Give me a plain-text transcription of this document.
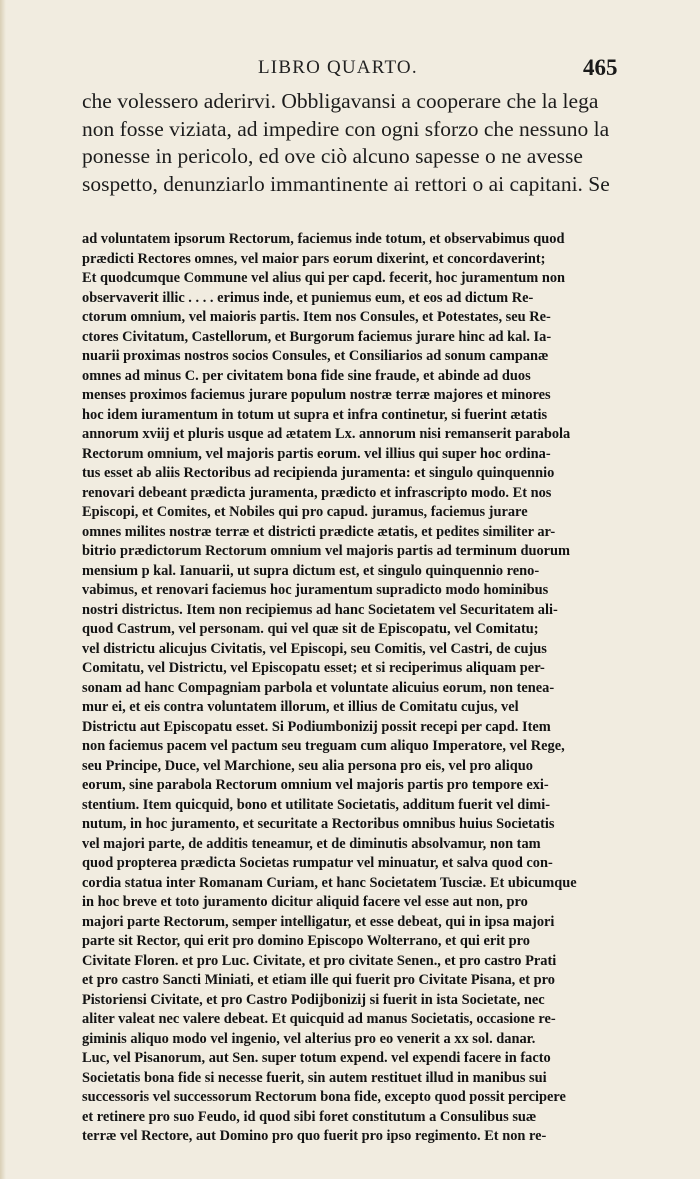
LIBRO QUARTO.	465
che volessero aderirvi. Obbligavansi a cooperare che la lega
non fosse viziata, ad impedire con ogni sforzo che nessuno la
ponesse in pericolo, ed ove ciò alcuno sapesse o ne avesse
sospetto, denunziarlo immantinente ai rettori o ai capitani. Se
ad voluntatem ipsorum Rectorum, faciemus inde totum, et observabimus quod
prædicti Rectores omnes, vel maior pars eorum dixerint, et concordaverint;
Et quodcumque Commune vel alius qui per capd. fecerit, hoc juramentum non
observaverit illic . . . . erimus inde, et puniemus eum, et eos ad dictum Re-
ctorum omnium, vel maioris partis. Item nos Consules, et Potestates, seu Re-
ctores Civitatum, Castellorum, et Burgorum faciemus jurare hinc ad kal. Ia-
nuarii proximas nostros socios Consules, et Consiliarios ad sonum campanæ
omnes ad minus C. per civitatem bona fide sine fraude, et abinde ad duos
menses proximos faciemus jurare populum nostræ terræ majores et minores
hoc idem iuramentum in totum ut supra et infra continetur, si fuerint ætatis
annorum xviij et pluris usque ad ætatem Lx. annorum nisi remanserit parabola
Rectorum omnium, vel majoris partis eorum. vel illius qui super hoc ordina-
tus esset ab aliis Rectoribus ad recipienda juramenta: et singulo quinquennio
renovari debeant prædicta juramenta, prædicto et infrascripto modo. Et nos
Episcopi, et Comites, et Nobiles qui pro capud. juramus, faciemus jurare
omnes milites nostræ terræ et districti prædicte ætatis, et pedites similiter ar-
bitrio prædictorum Rectorum omnium vel majoris partis ad terminum duorum
mensium p kal. Ianuarii, ut supra dictum est, et singulo quinquennio reno-
vabimus, et renovari faciemus hoc juramentum supradicto modo hominibus
nostri districtus. Item non recipiemus ad hanc Societatem vel Securitatem ali-
quod Castrum, vel personam. qui vel quæ sit de Episcopatu, vel Comitatu;
vel districtu alicujus Civitatis, vel Episcopi, seu Comitis, vel Castri, de cujus
Comitatu, vel Districtu, vel Episcopatu esset; et si reciperimus aliquam per-
sonam ad hanc Compagniam parbola et voluntate alicuius eorum, non tenea-
mur ei, et eis contra voluntatem illorum, et illius de Comitatu cujus, vel
Districtu aut Episcopatu esset. Si Podiumbonizij possit recepi per capd. Item
non faciemus pacem vel pactum seu treguam cum aliquo Imperatore, vel Rege,
seu Principe, Duce, vel Marchione, seu alia persona pro eis, vel pro aliquo
eorum, sine parabola Rectorum omnium vel majoris partis pro tempore exi-
stentium. Item quicquid, bono et utilitate Societatis, additum fuerit vel dimi-
nutum, in hoc juramento, et securitate a Rectoribus omnibus huius Societatis
vel majori parte, de additis teneamur, et de diminutis absolvamur, non tam
quod propterea prædicta Societas rumpatur vel minuatur, et salva quod con-
cordia statua inter Romanam Curiam, et hanc Societatem Tusciæ. Et ubicumque
in hoc breve et toto juramento dicitur aliquid facere vel esse aut non, pro
majori parte Rectorum, semper intelligatur, et esse debeat, qui in ipsa majori
parte sit Rector, qui erit pro domino Episcopo Wolterrano, et qui erit pro
Civitate Floren. et pro Luc. Civitate, et pro civitate Senen., et pro castro Prati
et pro castro Sancti Miniati, et etiam ille qui fuerit pro Civitate Pisana, et pro
Pistoriensi Civitate, et pro Castro Podijbonizij si fuerit in ista Societate, nec
aliter valeat nec valere debeat. Et quicquid ad manus Societatis, occasione re-
giminis aliquo modo vel ingenio, vel alterius pro eo venerit a xx sol. danar.
Luc, vel Pisanorum, aut Sen. super totum expend. vel expendi facere in facto
Societatis bona fide si necesse fuerit, sin autem restituet illud in manibus sui
successoris vel successorum Rectorum bona fide, excepto quod possit percipere
et retinere pro suo Feudo, id quod sibi foret constitutum a Consulibus suæ
terræ vel Rectore, aut Domino pro quo fuerit pro ipso regimento. Et non re-
